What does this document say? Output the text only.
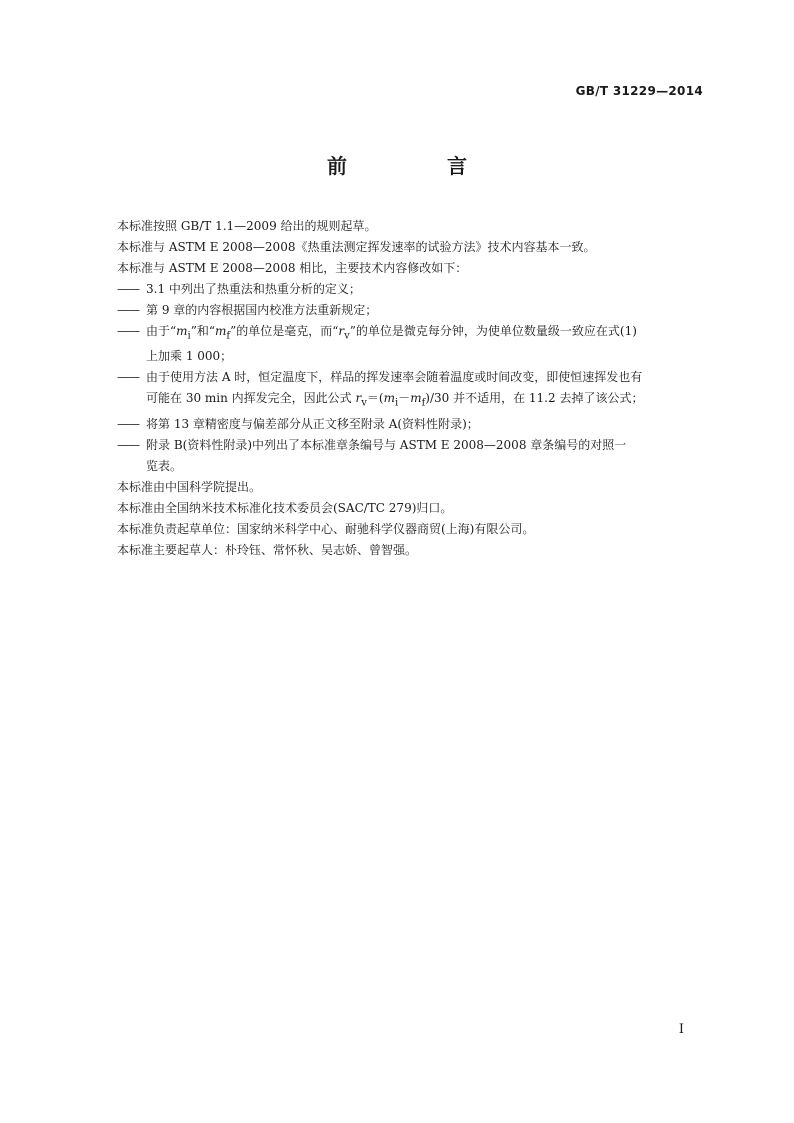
GB/T 31229—2014
前　言

本标准按照 GB/T 1.1—2009 给出的规则起草。

本标准与 ASTM E 2008—2008《热重法测定挥发速率的试验方法》技术内容基本一致。

本标准与 ASTM E 2008—2008 相比，主要技术内容修改如下：

—— 3.1 中列出了热重法和热重分析的定义；
—— 第 9 章的内容根据国内校准方法重新规定；
—— 由于“$m_i$”和“$m_f$”的单位是毫克，而“$r_v$”的单位是微克每分钟，为使单位数量级一致应在式(1)
上加乘 1 000；
—— 由于使用方法 A 时，恒定温度下，样品的挥发速率会随着温度或时间改变，即使恒速挥发也有
可能在 30 min 内挥发完全，因此公式 $r_v=(m_i-m_f)/30$ 并不适用，在 11.2 去掉了该公式；
—— 将第 13 章精密度与偏差部分从正文移至附录 A(资料性附录)；
—— 附录 B(资料性附录)中列出了本标准章条编号与 ASTM E 2008—2008 章条编号的对照一
览表。

本标准由中国科学院提出。

本标准由全国纳米技术标准化技术委员会(SAC/TC 279)归口。

本标准负责起草单位：国家纳米科学中心、耐驰科学仪器商贸(上海)有限公司。

本标准主要起草人：朴玲钰、常怀秋、吴志娇、曾智强。

I
